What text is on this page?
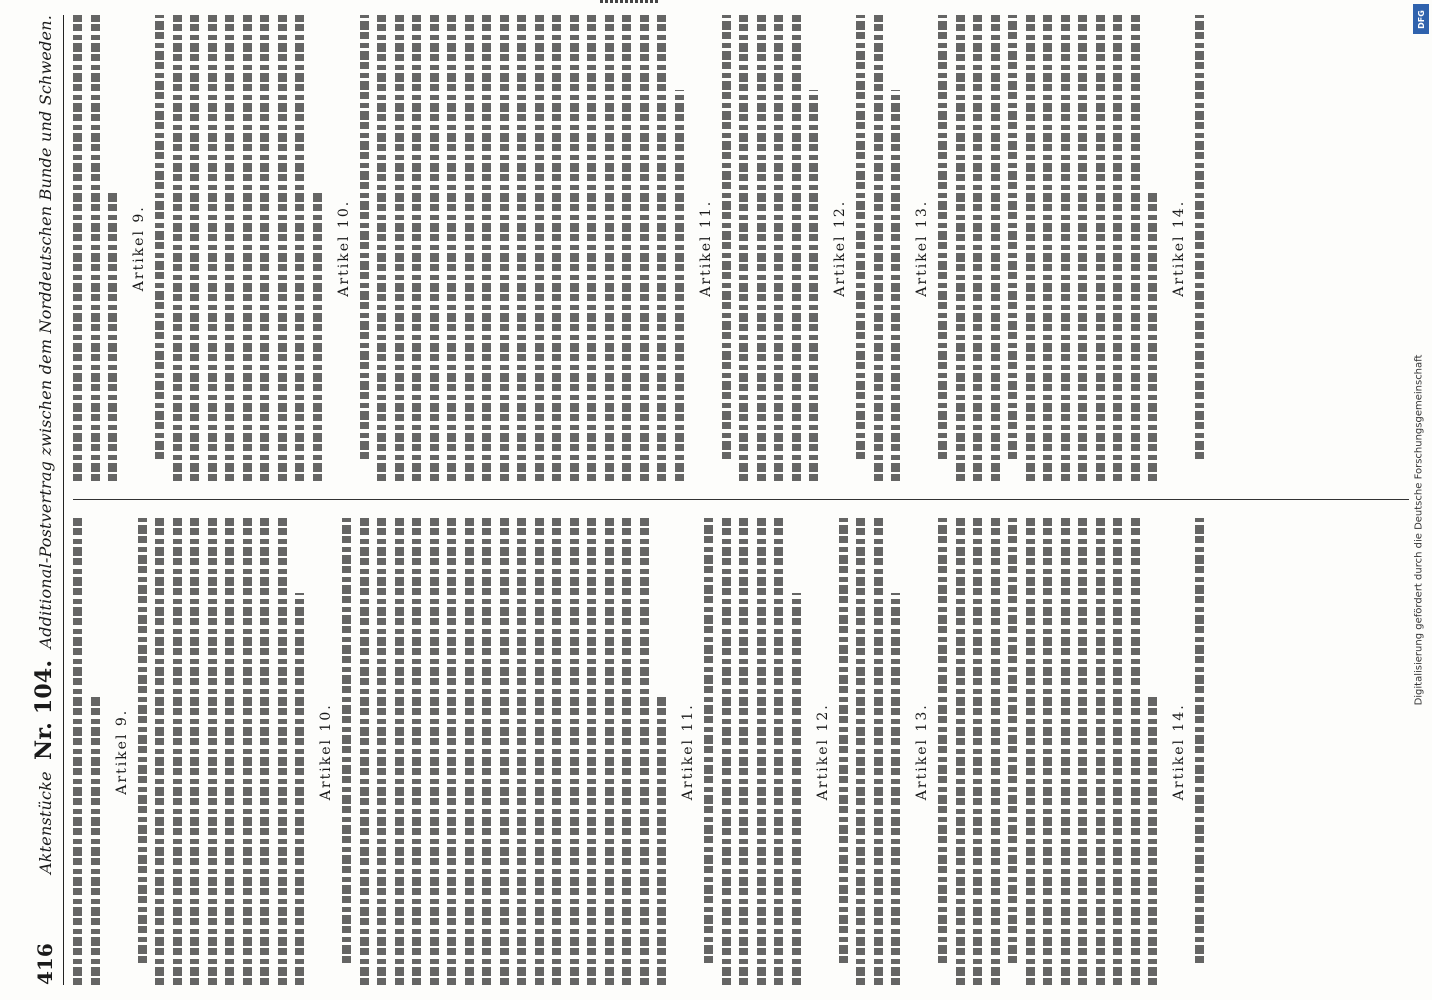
416
Aktenstücke Nr. 104. Additional-Postvertrag zwischen dem Norddeutschen Bunde und Schweden.
Artikel 9.	Artikel 10.	Artikel 11.	Artikel 12.	Artikel 13.	Artikel 14.
Artikel 9.	Artikel 10.	Artikel 11.	Artikel 12.	Artikel 13.	Artikel 14.
Digitalisierung gefördert durch die Deutsche Forschungsgemeinschaft
DFG
